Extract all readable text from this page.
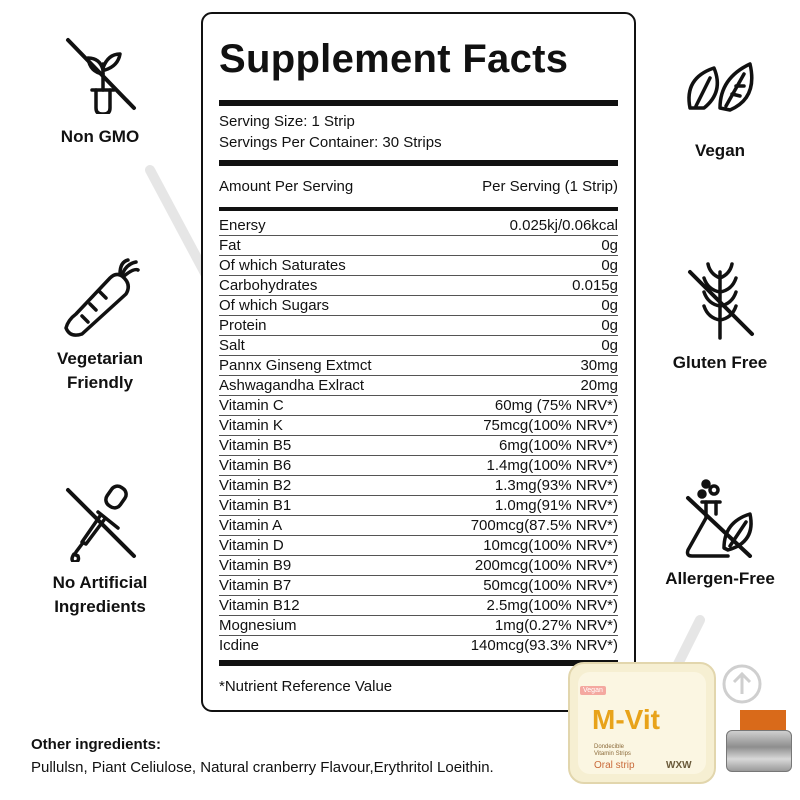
Non GMO
Vegetarian
Friendly
No Artificial
Ingredients
Vegan
Gluten Free
Allergen-Free
Supplement Facts
Serving Size: 1 Strip
Servings Per Container: 30 Strips
Amount Per Serving	Per Serving (1 Strip)
Enersy	0.025kj/0.06kcal
Fat	0g
Of which Saturates	0g
Carbohydrates	0.015g
Of which Sugars	0g
Protein	0g
Salt	0g
Pannx Ginseng Extmct	30mg
Ashwagandha Exlract	20mg
Vitamin C	60mg (75% NRV*)
Vitamin K	75mcg(100% NRV*)
Vitamin B5	6mg(100% NRV*)
Vitamin B6	1.4mg(100% NRV*)
Vitamin B2	1.3mg(93% NRV*)
Vitamin B1	1.0mg(91% NRV*)
Vitamin A	700mcg(87.5% NRV*)
Vitamin D	10mcg(100% NRV*)
Vitamin B9	200mcg(100% NRV*)
Vitamin B7	50mcg(100% NRV*)
Vitamin B12	2.5mg(100% NRV*)
Mognesium	1mg(0.27% NRV*)
Icdine	140mcg(93.3% NRV*)
*Nutrient Reference Value
Other ingredients:
Pullulsn, Piant Celiulose, Natural cranberry Flavour,Erythritol Loeithin.
Vegan
M-Vit
Dondecible
Vitamin Strips
Oral strip	WXW
